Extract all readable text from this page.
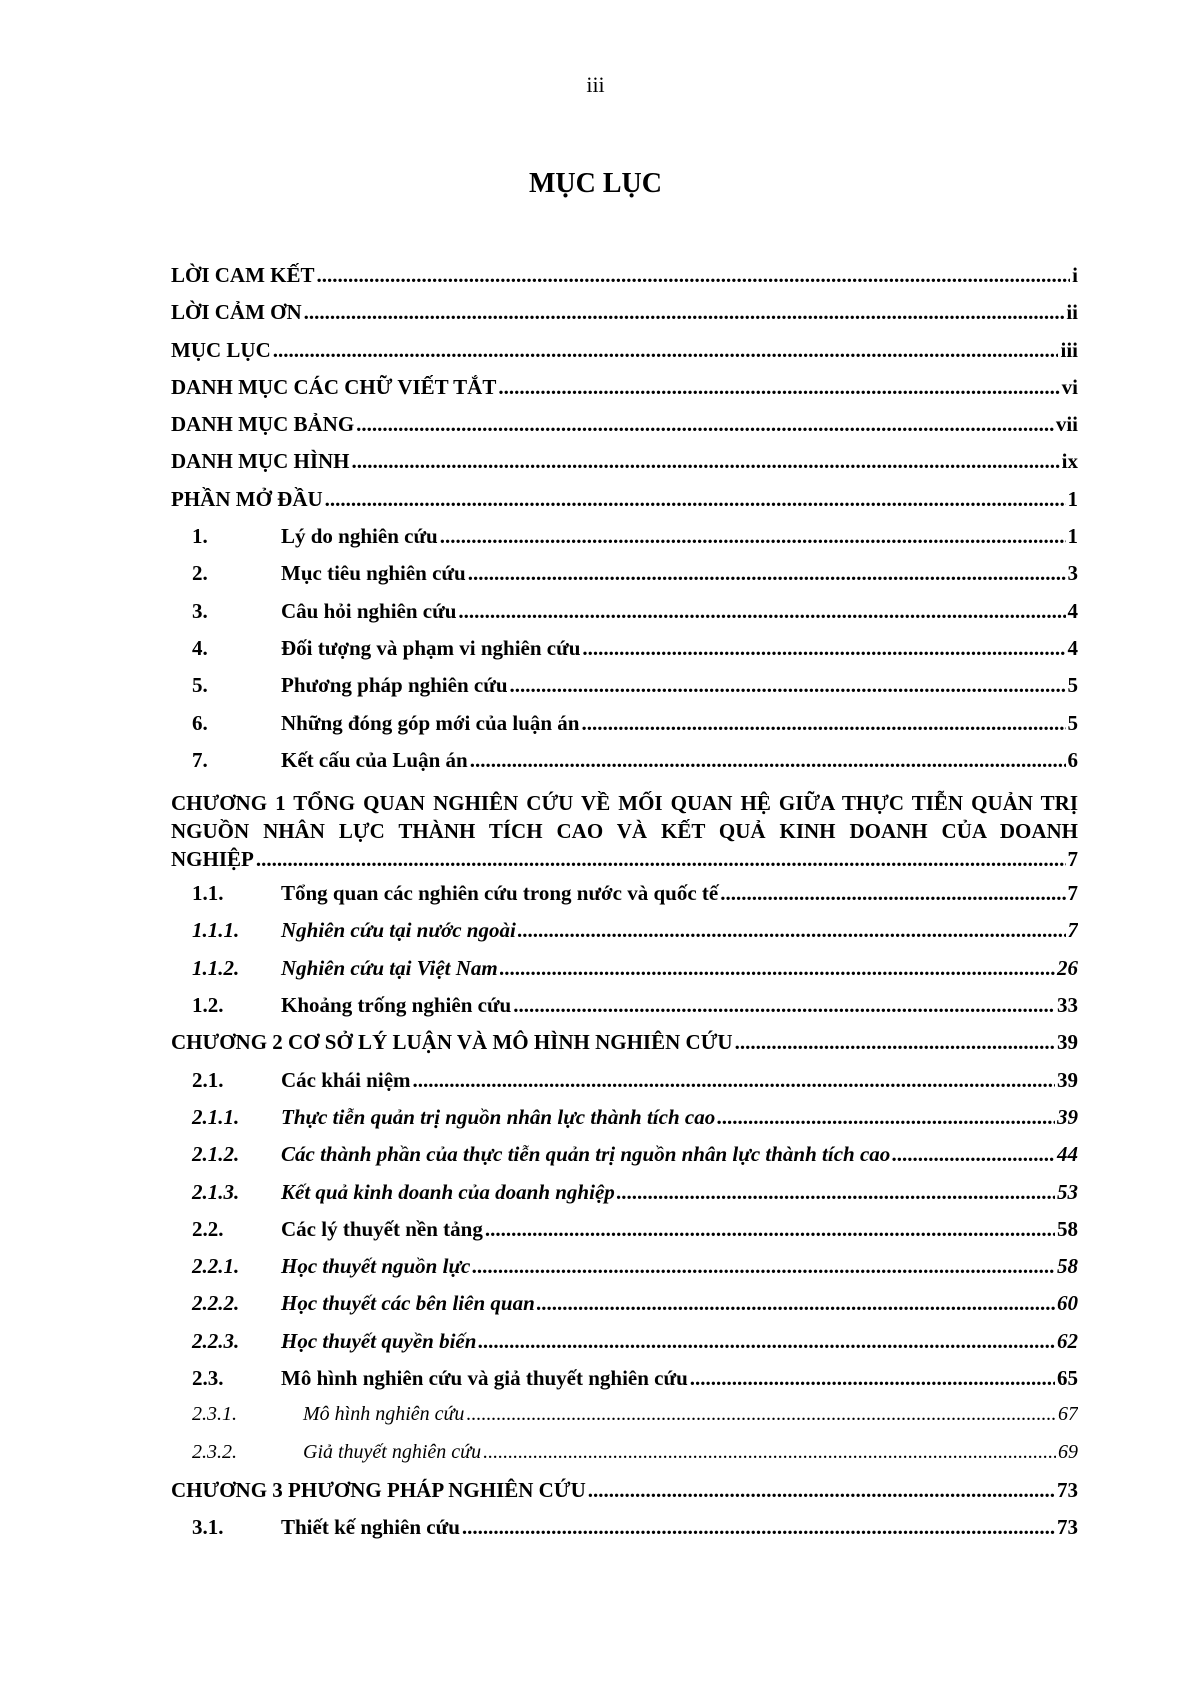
iii
MỤC LỤC
LỜI CAM KẾT .....	i
LỜI CẢM ƠN .....	ii
MỤC LỤC .....	iii
DANH MỤC CÁC CHỮ VIẾT TẮT .....	vi
DANH MỤC BẢNG .....	vii
DANH MỤC HÌNH .....	ix
PHẦN MỞ ĐẦU .....	1
1.	Lý do nghiên cứu .....	1
2.	Mục tiêu nghiên cứu .....	3
3.	Câu hỏi nghiên cứu .....	4
4.	Đối tượng và phạm vi nghiên cứu .....	4
5.	Phương pháp nghiên cứu .....	5
6.	Những đóng góp mới của luận án .....	5
7.	Kết cấu của Luận án .....	6
CHƯƠNG 1 TỔNG QUAN NGHIÊN CỨU VỀ MỐI QUAN HỆ GIỮA THỰC TIỄN QUẢN TRỊ
NGUỒN NHÂN LỰC THÀNH TÍCH CAO VÀ KẾT QUẢ KINH DOANH CỦA DOANH
NGHIỆP .....	7
1.1.	Tổng quan các nghiên cứu trong nước và quốc tế .....	7
1.1.1.	Nghiên cứu tại nước ngoài .....	7
1.1.2.	Nghiên cứu tại Việt Nam .....	26
1.2.	Khoảng trống nghiên cứu .....	33
CHƯƠNG 2 CƠ SỞ LÝ LUẬN VÀ MÔ HÌNH NGHIÊN CỨU .....	39
2.1.	Các khái niệm .....	39
2.1.1.	Thực tiễn quản trị nguồn nhân lực thành tích cao .....	39
2.1.2.	Các thành phần của thực tiễn quản trị nguồn nhân lực thành tích cao .....	44
2.1.3.	Kết quả kinh doanh của doanh nghiệp .....	53
2.2.	Các lý thuyết nền tảng .....	58
2.2.1.	Học thuyết nguồn lực .....	58
2.2.2.	Học thuyết các bên liên quan .....	60
2.2.3.	Học thuyết quyền biến .....	62
2.3.	Mô hình nghiên cứu và giả thuyết nghiên cứu .....	65
2.3.1.	Mô hình nghiên cứu .....	67
2.3.2.	Giả thuyết nghiên cứu .....	69
CHƯƠNG 3 PHƯƠNG PHÁP NGHIÊN CỨU .....	73
3.1.	Thiết kế nghiên cứu .....	73
